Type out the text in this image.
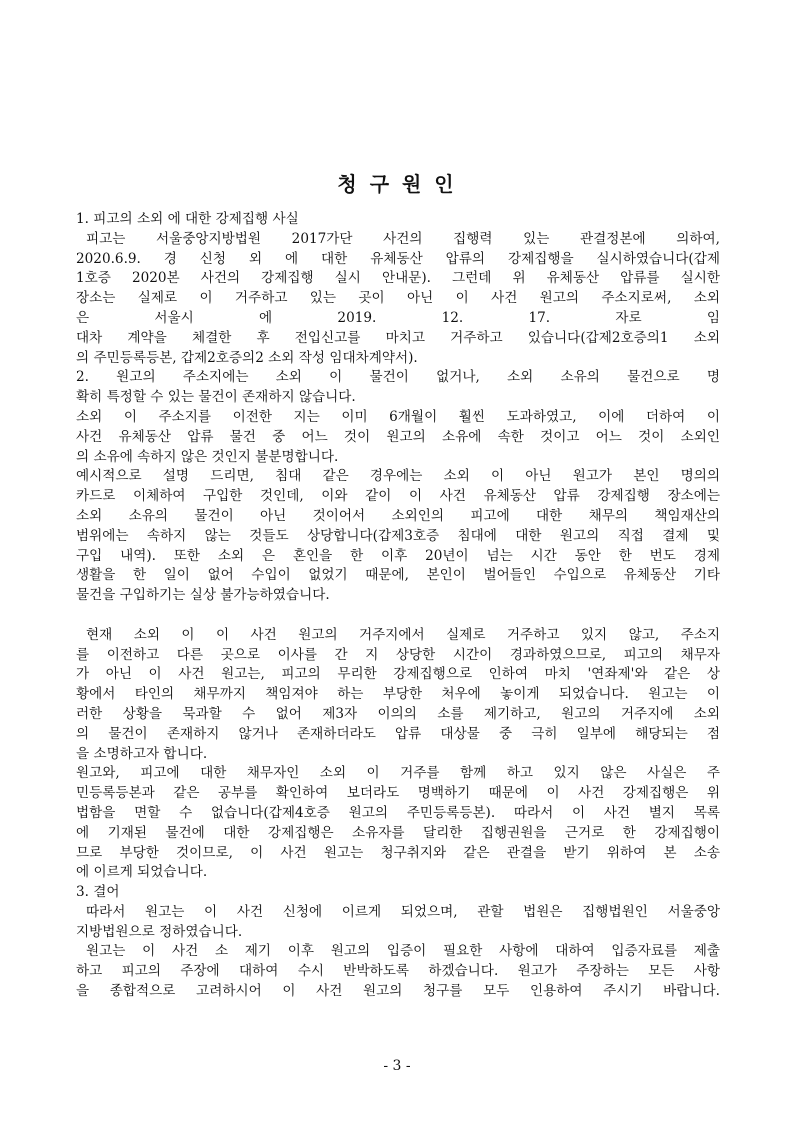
청 구 원 인
1. 피고의 소외 에 대한 강제집행 사실
피고는 서울중앙지방법원 2017가단 사건의 집행력 있는 관결정본에 의하여,
2020.6.9. 경 신청 외 에 대한 유체동산 압류의 강제집행을 실시하였습니다(갑제
1호증 2020본 사건의 강제집행 실시 안내문). 그런데 위 유체동산 압류를 실시한
장소는 실제로 이 거주하고 있는 곳이 아닌 이 사건 원고의 주소지로써, 소외
은 서울시 에 2019. 12. 17. 자로 임
대차 계약을 체결한 후 전입신고를 마치고 거주하고 있습니다(갑제2호증의1 소외
의 주민등록등본, 갑제2호증의2 소외 작성 임대차계약서).
2. 원고의 주소지에는 소외 이 물건이 없거나, 소외 소유의 물건으로 명
확히 특정할 수 있는 물건이 존재하지 않습니다.
소외 이 주소지를 이전한 지는 이미 6개월이 훨씬 도과하였고, 이에 더하여 이
사건 유체동산 압류 물건 중 어느 것이 원고의 소유에 속한 것이고 어느 것이 소외인
의 소유에 속하지 않은 것인지 불분명합니다.
예시적으로 설명 드리면, 침대 같은 경우에는 소외 이 아닌 원고가 본인 명의의
카드로 이체하여 구입한 것인데, 이와 같이 이 사건 유체동산 압류 강제집행 장소에는
소외 소유의 물건이 아닌 것이어서 소외인의 피고에 대한 채무의 책임재산의
범위에는 속하지 않는 것들도 상당합니다(갑제3호증 침대에 대한 원고의 직접 결제 및
구입 내역). 또한 소외 은 혼인을 한 이후 20년이 넘는 시간 동안 한 번도 경제
생활을 한 일이 없어 수입이 없었기 때문에, 본인이 벌어들인 수입으로 유체동산 기타
물건을 구입하기는 실상 불가능하였습니다.
현재 소외 이 이 사건 원고의 거주지에서 실제로 거주하고 있지 않고, 주소지
를 이전하고 다른 곳으로 이사를 간 지 상당한 시간이 경과하였으므로, 피고의 채무자
가 아닌 이 사건 원고는, 피고의 무리한 강제집행으로 인하여 마치 '연좌제'와 같은 상
황에서 타인의 채무까지 책임져야 하는 부당한 처우에 놓이게 되었습니다. 원고는 이
러한 상황을 묵과할 수 없어 제3자 이의의 소를 제기하고, 원고의 거주지에 소외
의 물건이 존재하지 않거나 존재하더라도 압류 대상물 중 극히 일부에 해당되는 점
을 소명하고자 합니다.
원고와, 피고에 대한 채무자인 소외 이 거주를 함께 하고 있지 않은 사실은 주
민등록등본과 같은 공부를 확인하여 보더라도 명백하기 때문에 이 사건 강제집행은 위
법함을 면할 수 없습니다(갑제4호증 원고의 주민등록등본). 따라서 이 사건 별지 목록
에 기재된 물건에 대한 강제집행은 소유자를 달리한 집행권원을 근거로 한 강제집행이
므로 부당한 것이므로, 이 사건 원고는 청구취지와 같은 관결을 받기 위하여 본 소송
에 이르게 되었습니다.
3. 결어
따라서 원고는 이 사건 신청에 이르게 되었으며, 관할 법원은 집행법원인 서울중앙
지방법원으로 정하였습니다.
원고는 이 사건 소 제기 이후 원고의 입증이 필요한 사항에 대하여 입증자료를 제출
하고 피고의 주장에 대하여 수시 반박하도록 하겠습니다. 원고가 주장하는 모든 사항
을 종합적으로 고려하시어 이 사건 원고의 청구를 모두 인용하여 주시기 바랍니다.
- 3 -
